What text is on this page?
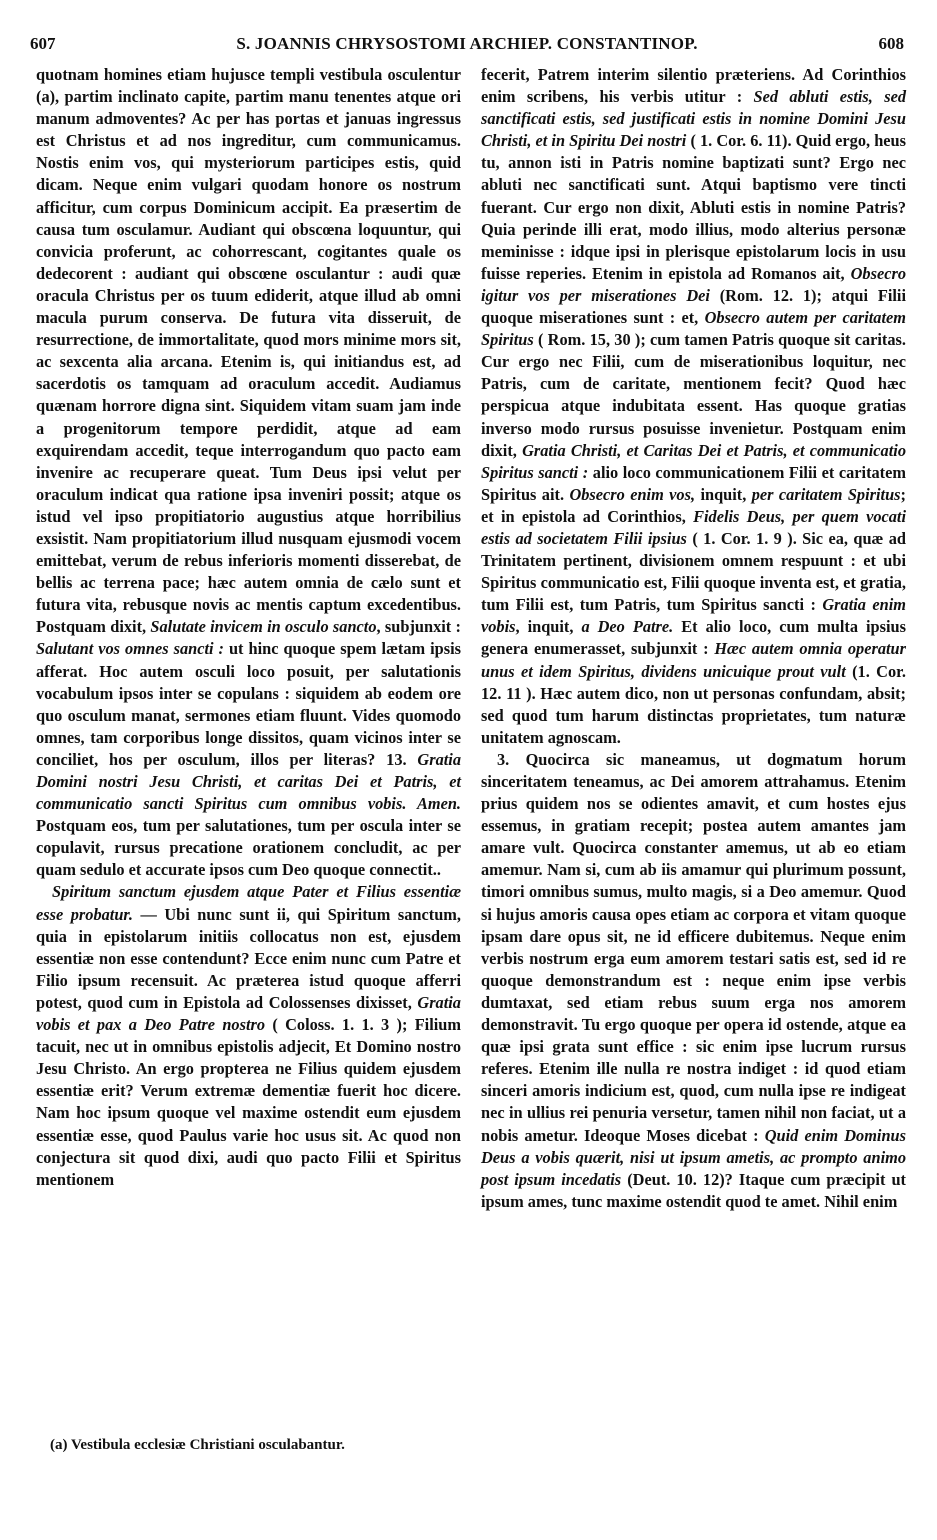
607	S. JOANNIS CHRYSOSTOMI ARCHIEP. CONSTANTINOP.	608

quotnam homines etiam hujusce templi vestibula osculentur (a), partim inclinato capite, partim manu tenentes atque ori manum admoventes? Ac per has portas et januas ingressus est Christus et ad nos ingreditur, cum communicamus. Nostis enim vos, qui mysteriorum participes estis, quid dicam. Neque enim vulgari quodam honore os nostrum afficitur, cum corpus Dominicum accipit. Ea præsertim de causa tum osculamur. Audiant qui obscœna loquuntur, qui convicia proferunt, ac cohorrescant, cogitantes quale os dedecorent : audiant qui obscœne osculantur : audi quæ oracula Christus per os tuum ediderit, atque illud ab omni macula purum conserva. De futura vita disseruit, de resurrectione, de immortalitate, quod mors minime mors sit, ac sexcenta alia arcana. Etenim is, qui initiandus est, ad sacerdotis os tamquam ad oraculum accedit. Audiamus quænam horrore digna sint. Siquidem vitam suam jam inde a progenitorum tempore perdidit, atque ad eam exquirendam accedit, teque interrogandum quo pacto eam invenire ac recuperare queat. Tum Deus ipsi velut per oraculum indicat qua ratione ipsa inveniri possit; atque os istud vel ipso propitiatorio augustius atque horribilius exsistit. Nam propitiatorium illud nusquam ejusmodi vocem emittebat, verum de rebus inferioris momenti disserebat, de bellis ac terrena pace; hæc autem omnia de cælo sunt et futura vita, rebusque novis ac mentis captum excedentibus. Postquam dixit, Salutate invicem in osculo sancto, subjunxit : Salutant vos omnes sancti : ut hinc quoque spem lætam ipsis afferat. Hoc autem osculi loco posuit, per salutationis vocabulum ipsos inter se copulans : siquidem ab eodem ore quo osculum manat, sermones etiam fluunt. Vides quomodo omnes, tam corporibus longe dissitos, quam vicinos inter se conciliet, hos per osculum, illos per literas? 13. Gratia Domini nostri Jesu Christi, et caritas Dei et Patris, et communicatio sancti Spiritus cum omnibus vobis. Amen. Postquam eos, tum per salutationes, tum per oscula inter se copulavit, rursus precatione orationem concludit, ac per quam sedulo et accurate ipsos cum Deo quoque connectit..

Spiritum sanctum ejusdem atque Pater et Filius essentiæ esse probatur. — Ubi nunc sunt ii, qui Spiritum sanctum, quia in epistolarum initiis collocatus non est, ejusdem essentiæ non esse contendunt? Ecce enim nunc cum Patre et Filio ipsum recensuit. Ac præterea istud quoque afferri potest, quod cum in Epistola ad Colossenses dixisset, Gratia vobis et pax a Deo Patre nostro ( Coloss. 1. 1. 3 ); Filium tacuit, nec ut in omnibus epistolis adjecit, Et Domino nostro Jesu Christo. An ergo propterea ne Filius quidem ejusdem essentiæ erit? Verum extremæ dementiæ fuerit hoc dicere. Nam hoc ipsum quoque vel maxime ostendit eum ejusdem essentiæ esse, quod Paulus varie hoc usus sit. Ac quod non conjectura sit quod dixi, audi quo pacto Filii et Spiritus mentionem

fecerit, Patrem interim silentio præteriens. Ad Corinthios enim scribens, his verbis utitur : Sed abluti estis, sed sanctificati estis, sed justificati estis in nomine Domini Jesu Christi, et in Spiritu Dei nostri ( 1. Cor. 6. 11). Quid ergo, heus tu, annon isti in Patris nomine baptizati sunt? Ergo nec abluti nec sanctificati sunt. Atqui baptismo vere tincti fuerant. Cur ergo non dixit, Abluti estis in nomine Patris? Quia perinde illi erat, modo illius, modo alterius personæ meminisse : idque ipsi in plerisque epistolarum locis in usu fuisse reperies. Etenim in epistola ad Romanos ait, Obsecro igitur vos per miserationes Dei (Rom. 12. 1); atqui Filii quoque miserationes sunt : et, Obsecro autem per caritatem Spiritus ( Rom. 15, 30 ); cum tamen Patris quoque sit caritas. Cur ergo nec Filii, cum de miserationibus loquitur, nec Patris, cum de caritate, mentionem fecit? Quod hæc perspicua atque indubitata essent. Has quoque gratias inverso modo rursus posuisse invenietur. Postquam enim dixit, Gratia Christi, et Caritas Dei et Patris, et communicatio Spiritus sancti : alio loco communicationem Filii et caritatem Spiritus ait. Obsecro enim vos, inquit, per caritatem Spiritus; et in epistola ad Corinthios, Fidelis Deus, per quem vocati estis ad societatem Filii ipsius ( 1. Cor. 1. 9 ). Sic ea, quæ ad Trinitatem pertinent, divisionem omnem respuunt : et ubi Spiritus communicatio est, Filii quoque inventa est, et gratia, tum Filii est, tum Patris, tum Spiritus sancti : Gratia enim vobis, inquit, a Deo Patre. Et alio loco, cum multa ipsius genera enumerasset, subjunxit : Hæc autem omnia operatur unus et idem Spiritus, dividens unicuique prout vult (1. Cor. 12. 11 ). Hæc autem dico, non ut personas confundam, absit; sed quod tum harum distinctas proprietates, tum naturæ unitatem agnoscam.

3. Quocirca sic maneamus, ut dogmatum horum sinceritatem teneamus, ac Dei amorem attrahamus. Etenim prius quidem nos se odientes amavit, et cum hostes ejus essemus, in gratiam recepit; postea autem amantes jam amare vult. Quocirca constanter amemus, ut ab eo etiam amemur. Nam si, cum ab iis amamur qui plurimum possunt, timori omnibus sumus, multo magis, si a Deo amemur. Quod si hujus amoris causa opes etiam ac corpora et vitam quoque ipsam dare opus sit, ne id efficere dubitemus. Neque enim verbis nostrum erga eum amorem testari satis est, sed id re quoque demonstrandum est : neque enim ipse verbis dumtaxat, sed etiam rebus suum erga nos amorem demonstravit. Tu ergo quoque per opera id ostende, atque ea quæ ipsi grata sunt effice : sic enim ipse lucrum rursus referes. Etenim ille nulla re nostra indiget : id quod etiam sinceri amoris indicium est, quod, cum nulla ipse re indigeat nec in ullius rei penuria versetur, tamen nihil non faciat, ut a nobis ametur. Ideoque Moses dicebat : Quid enim Dominus Deus a vobis quærit, nisi ut ipsum ametis, ac prompto animo post ipsum incedatis (Deut. 10. 12)? Itaque cum præcipit ut ipsum ames, tunc maxime ostendit quod te amet. Nihil enim

(a) Vestibula ecclesiæ Christiani osculabantur.
